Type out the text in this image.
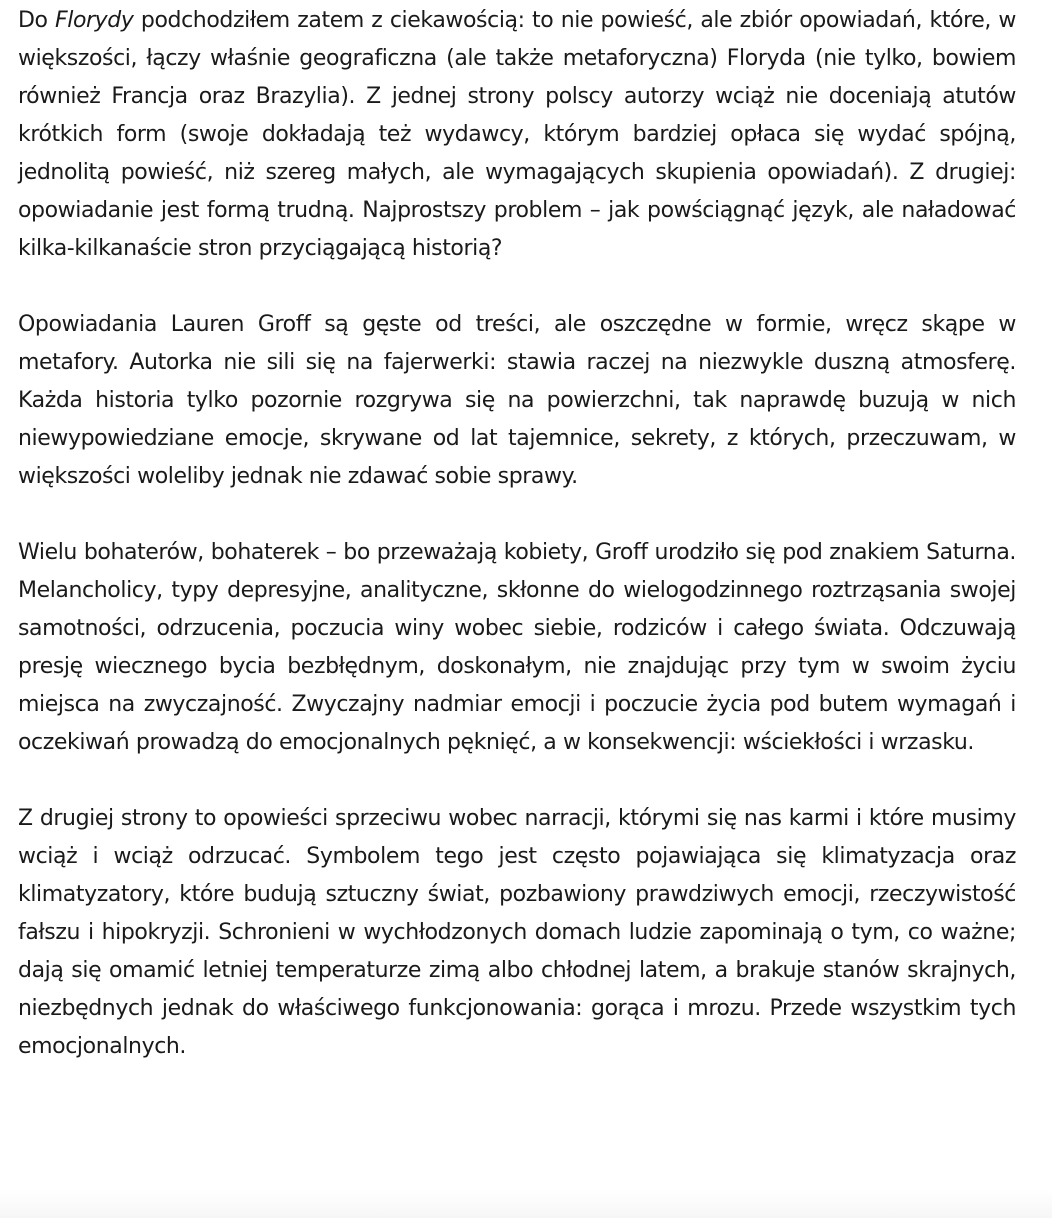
Do Florydy podchodziłem zatem z ciekawością: to nie powieść, ale zbiór opowiadań, które, w większości, łączy właśnie geograficzna (ale także metaforyczna) Floryda (nie tylko, bowiem również Francja oraz Brazylia). Z jednej strony polscy autorzy wciąż nie doceniają atutów krótkich form (swoje dokładają też wydawcy, którym bardziej opłaca się wydać spójną, jednolitą powieść, niż szereg małych, ale wymagających skupienia opowiadań). Z drugiej: opowiadanie jest formą trudną. Najprostszy problem – jak powściągnąć język, ale naładować kilka-kilkanaście stron przyciągającą historią?

Opowiadania Lauren Groff są gęste od treści, ale oszczędne w formie, wręcz skąpe w metafory. Autorka nie sili się na fajerwerki: stawia raczej na niezwykle duszną atmosferę. Każda historia tylko pozornie rozgrywa się na powierzchni, tak naprawdę buzują w nich niewypowiedziane emocje, skrywane od lat tajemnice, sekrety, z których, przeczuwam, w większości woleliby jednak nie zdawać sobie sprawy.

Wielu bohaterów, bohaterek – bo przeważają kobiety, Groff urodziło się pod znakiem Saturna. Melancholicy, typy depresyjne, analityczne, skłonne do wielogodzinnego roztrząsania swojej samotności, odrzucenia, poczucia winy wobec siebie, rodziców i całego świata. Odczuwają presję wiecznego bycia bezbłędnym, doskonałym, nie znajdując przy tym w swoim życiu miejsca na zwyczajność. Zwyczajny nadmiar emocji i poczucie życia pod butem wymagań i oczekiwań prowadzą do emocjonalnych pęknięć, a w konsekwencji: wściekłości i wrzasku.

Z drugiej strony to opowieści sprzeciwu wobec narracji, którymi się nas karmi i które musimy wciąż i wciąż odrzucać. Symbolem tego jest często pojawiająca się klimatyzacja oraz klimatyzatory, które budują sztuczny świat, pozbawiony prawdziwych emocji, rzeczywistość fałszu i hipokryzji. Schronieni w wychłodzonych domach ludzie zapominają o tym, co ważne; dają się omamić letniej temperaturze zimą albo chłodnej latem, a brakuje stanów skrajnych, niezbędnych jednak do właściwego funkcjonowania: gorąca i mrozu. Przede wszystkim tych emocjonalnych.
